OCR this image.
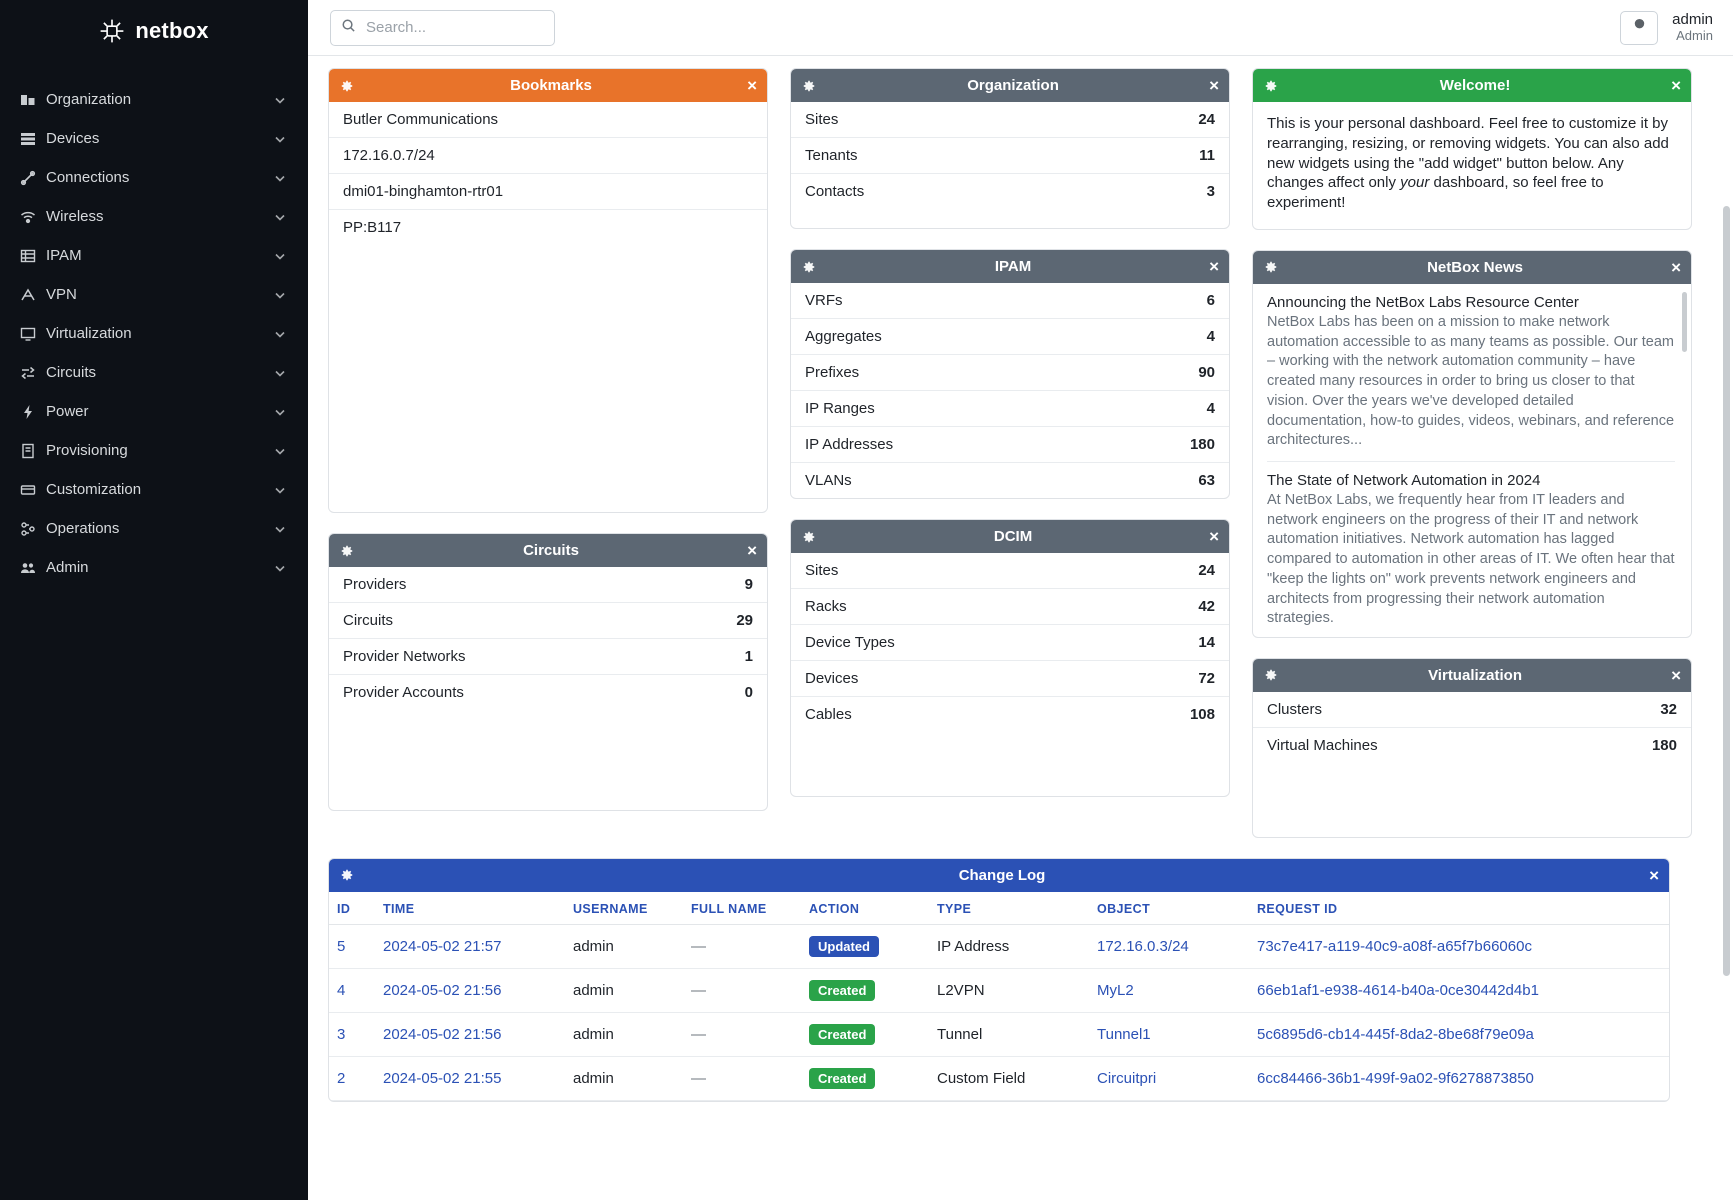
netbox
Organization
Devices
Connections
Wireless
IPAM
VPN
Virtualization
Circuits
Power
Provisioning
Customization
Operations
Admin
Search...
admin
Admin
Bookmarks	×
Butler Communications
172.16.0.7/24
dmi01-binghamton-rtr01
PP:B117
Circuits	×
Providers	9
Circuits	29
Provider Networks	1
Provider Accounts	0
Organization	×
Sites	24
Tenants	11
Contacts	3
IPAM	×
VRFs	6
Aggregates	4
Prefixes	90
IP Ranges	4
IP Addresses	180
VLANs	63
DCIM	×
Sites	24
Racks	42
Device Types	14
Devices	72
Cables	108
Welcome!	×
This is your personal dashboard. Feel free to customize it by rearranging, resizing, or removing widgets. You can also add new widgets using the "add widget" button below. Any changes affect only your dashboard, so feel free to experiment!
NetBox News	×
Announcing the NetBox Labs Resource Center
NetBox Labs has been on a mission to make network automation accessible to as many teams as possible. Our team – working with the network automation community – have created many resources in order to bring us closer to that vision. Over the years we've developed detailed documentation, how-to guides, videos, webinars, and reference architectures...
The State of Network Automation in 2024
At NetBox Labs, we frequently hear from IT leaders and network engineers on the progress of their IT and network automation initiatives. Network automation has lagged compared to automation in other areas of IT. We often hear that "keep the lights on" work prevents network engineers and architects from progressing their network automation strategies.
Virtualization	×
Clusters	32
Virtual Machines	180
Change Log	×
ID	TIME	USERNAME	FULL NAME	ACTION	TYPE	OBJECT	REQUEST ID
5	2024-05-02 21:57	admin	—	Updated	IP Address	172.16.0.3/24	73c7e417-a119-40c9-a08f-a65f7b66060c
4	2024-05-02 21:56	admin	—	Created	L2VPN	MyL2	66eb1af1-e938-4614-b40a-0ce30442d4b1
3	2024-05-02 21:56	admin	—	Created	Tunnel	Tunnel1	5c6895d6-cb14-445f-8da2-8be68f79e09a
2	2024-05-02 21:55	admin	—	Created	Custom Field	Circuitpri	6cc84466-36b1-499f-9a02-9f6278873850
